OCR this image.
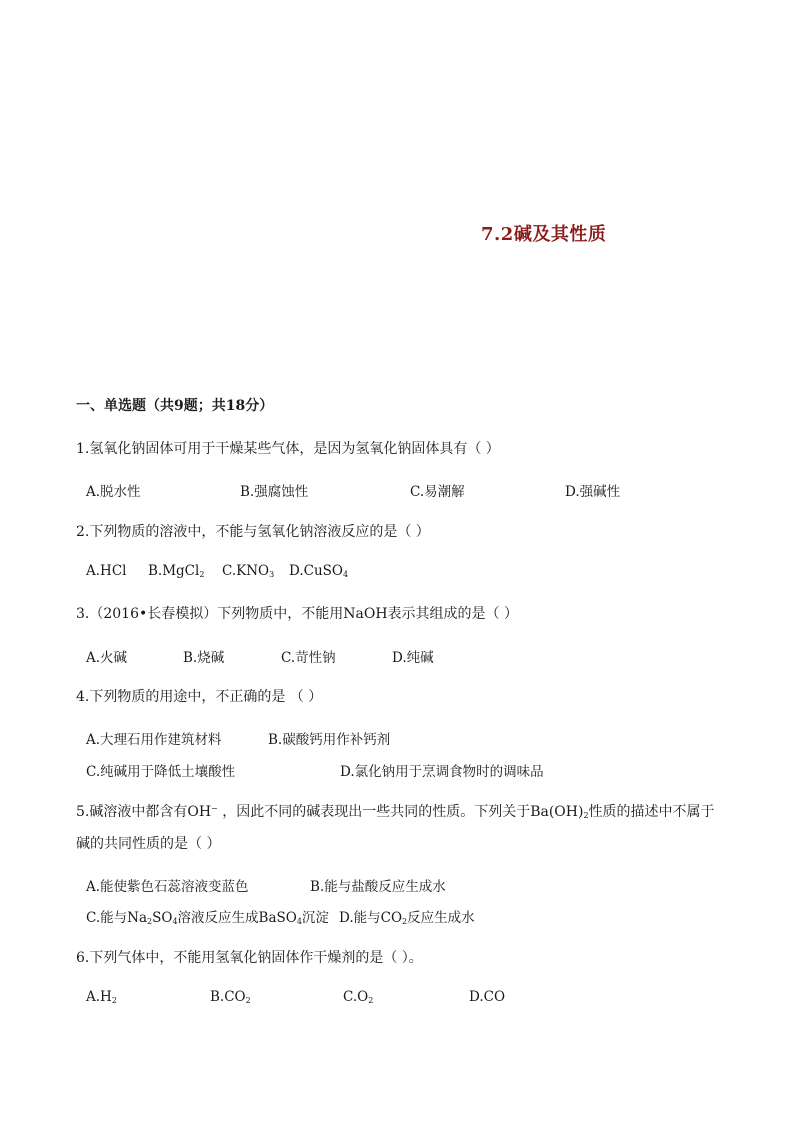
7.2碱及其性质
一、单选题（共9题；共18分）
1.氢氧化钠固体可用于干燥某些气体，是因为氢氧化钠固体具有（ ）
A.脱水性	B.强腐蚀性	C.易潮解	D.强碱性
2.下列物质的溶液中，不能与氢氧化钠溶液反应的是（ ）
A.HCl B.MgCl$_2$ $C.KNO_3$ D.CuSO$_4$
3.（2016•长春模拟）下列物质中，不能用NaOH表示其组成的是（ ）
A.火碱	B.烧碱	C.苛性钠	D.纯碱
4.下列物质的用途中，不正确的是 （ ）
A.大理石用作建筑材料	B.碳酸钙用作补钙剂
C.纯碱用于降低土壤酸性	D.氯化钠用于烹调食物时的调味品
5.碱溶液中都含有OH− ，因此不同的碱表现出一些共同的性质。下列关于$Ba(OH)_2$性质的描述中不属于
碱的共同性质的是（ ）
A.能使紫色石蕊溶液变蓝色	B.能与盐酸反应生成水
C.能与$Na_2SO_4$溶液反应生成BaSO$_4$沉淀 D.能与$CO_2$反应生成水
6.下列气体中，不能用氢氧化钠固体作干燥剂的是（ ）。
$A.H_2$	$B.CO_2$	$C.O_2$	D.CO
